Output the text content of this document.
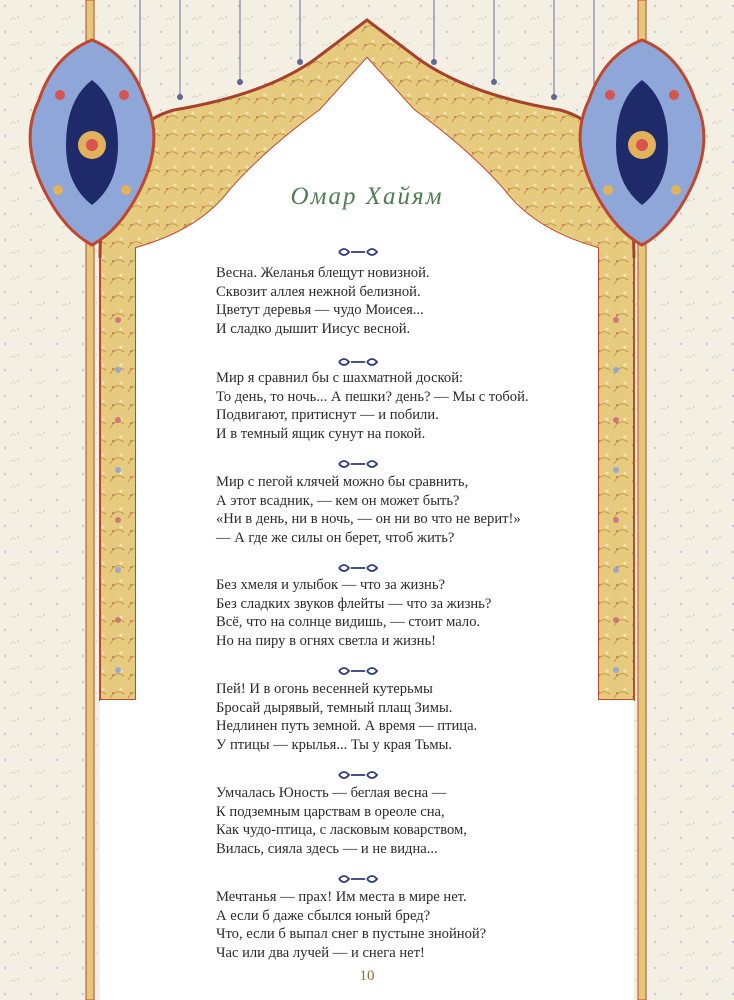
Омар Хайям
Весна. Желанья блещут новизной.
Сквозит аллея нежной белизной.
Цветут деревья — чудо Моисея...
И сладко дышит Иисус весной.
Мир я сравнил бы с шахматной доской:
То день, то ночь... А пешки? день? — Мы с тобой.
Подвигают, притиснут — и побили.
И в темный ящик сунут на покой.
Мир с пегой клячей можно бы сравнить,
А этот всадник, — кем он может быть?
«Ни в день, ни в ночь, — он ни во что не верит!»
— А где же силы он берет, чтоб жить?
Без хмеля и улыбок — что за жизнь?
Без сладких звуков флейты — что за жизнь?
Всё, что на солнце видишь, — стоит мало.
Но на пиру в огнях светла и жизнь!
Пей! И в огонь весенней кутерьмы
Бросай дырявый, темный плащ Зимы.
Недлинен путь земной. А время — птица.
У птицы — крылья... Ты у края Тьмы.
Умчалась Юность — беглая весна —
К подземным царствам в ореоле сна,
Как чудо-птица, с ласковым коварством,
Вилась, сияла здесь — и не видна...
Мечтанья — прах! Им места в мире нет.
А если б даже сбылся юный бред?
Что, если б выпал снег в пустыне знойной?
Час или два лучей — и снега нет!
10
